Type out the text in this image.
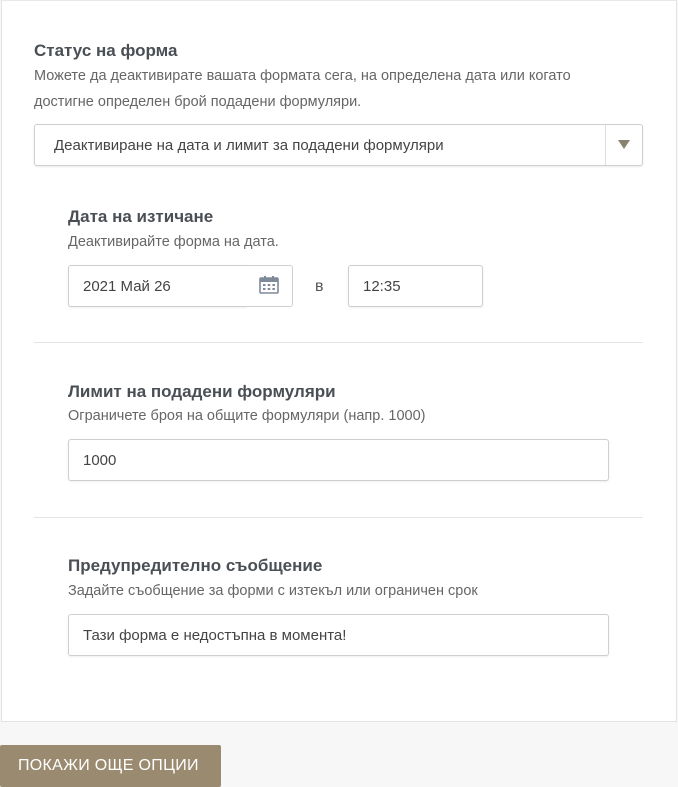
Статус на форма
Можете да деактивирате вашата формата сега, на определена дата или когато
достигне определен брой подадени формуляри.
Деактивиране на дата и лимит за подадени формуляри
Дата на изтичане
Деактивирайте форма на дата.
2021 Май 26	в	12:35
Лимит на подадени формуляри
Ограничете броя на общите формуляри (напр. 1000)
1000
Предупредително съобщение
Задайте съобщение за форми с изтекъл или ограничен срок
Тази форма е недостъпна в момента!
ПОКАЖИ ОЩЕ ОПЦИИ
